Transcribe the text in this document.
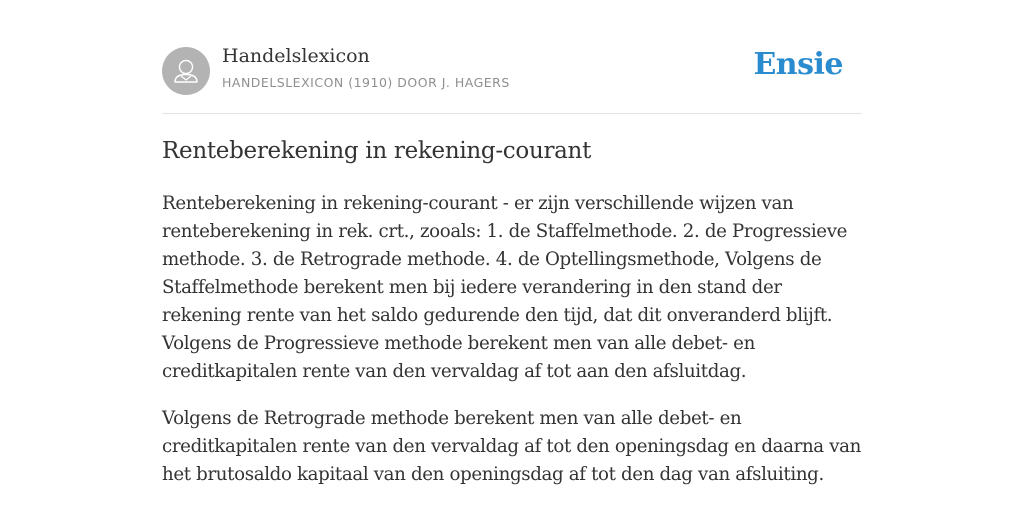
Handelslexicon
HANDELSLEXICON (1910) DOOR J. HAGERS
Ensie
Renteberekening in rekening-courant

Renteberekening in rekening-courant - er zijn verschillende wijzen van renteberekening in rek. crt., zooals: 1. de Staffelmethode. 2. de Progressieve methode. 3. de Retrograde methode. 4. de Optellingsmethode, Volgens de Staffelmethode berekent men bij iedere verandering in den stand der rekening rente van het saldo gedurende den tijd, dat dit onveranderd blijft. Volgens de Progressieve methode berekent men van alle debet- en creditkapitalen rente van den vervaldag af tot aan den afsluitdag.

Volgens de Retrograde methode berekent men van alle debet- en creditkapitalen rente van den vervaldag af tot den openingsdag en daarna van het brutosaldo kapitaal van den openingsdag af tot den dag van afsluiting.
